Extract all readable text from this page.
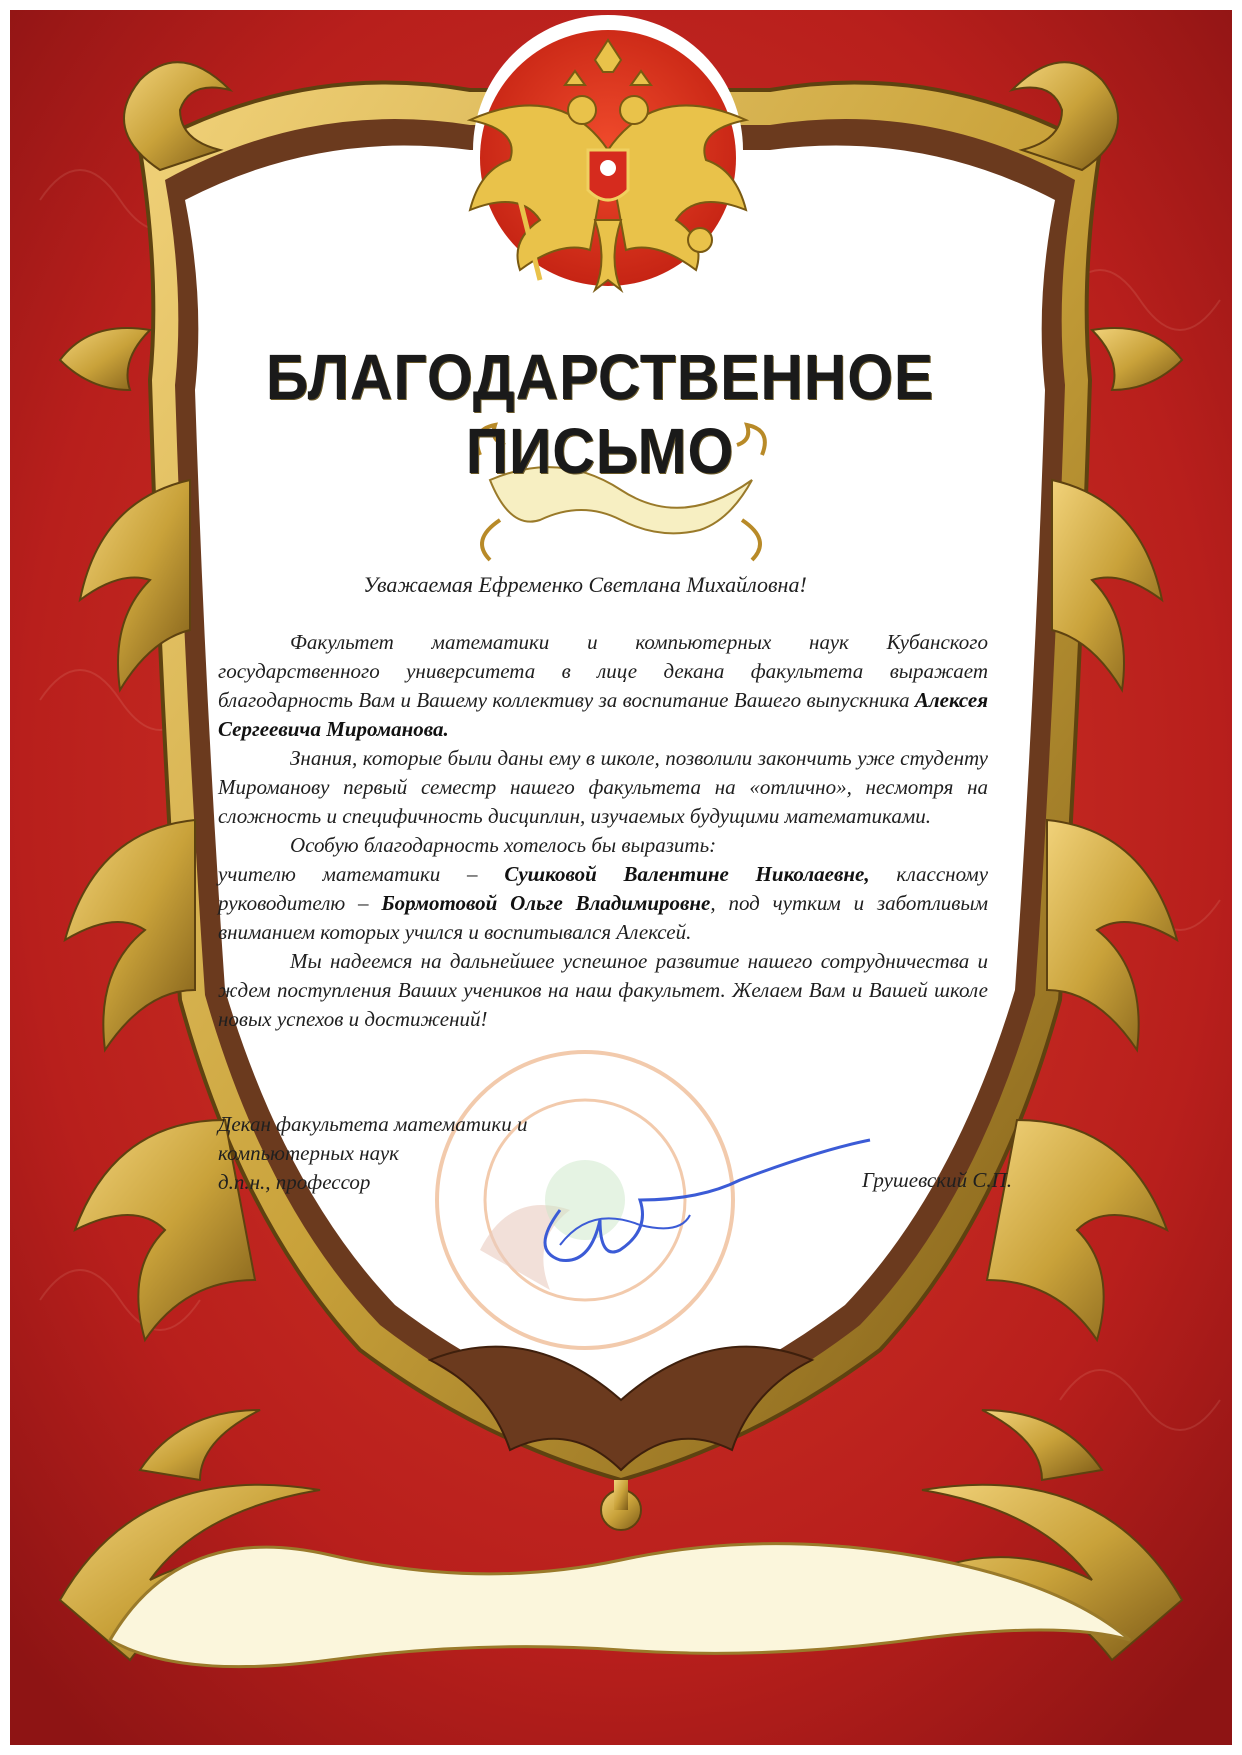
БЛАГОДАРСТВЕННОЕ ПИСЬМО
Уважаемая Ефременко Светлана Михайловна!

Факультет математики и компьютерных наук Кубанского государственного университета в лице декана факультета выражает благодарность Вам и Вашему коллективу за воспитание Вашего выпускника Алексея Сергеевича Мироманова.

Знания, которые были даны ему в школе, позволили закончить уже студенту Мироманову первый семестр нашего факультета на «отлично», несмотря на сложность и специфичность дисциплин, изучаемых будущими математиками.

Особую благодарность хотелось бы выразить:

учителю математики – Сушковой Валентине Николаевне, классному руководителю – Бормотовой Ольге Владимировне, под чутким и заботливым вниманием которых учился и воспитывался Алексей.

Мы надеемся на дальнейшее успешное развитие нашего сотрудничества и ждем поступления Ваших учеников на наш факультет. Желаем Вам и Вашей школе новых успехов и достижений!

Декан факультета математики и
компьютерных наук
д.п.н., профессор	Грушевский С.П.
